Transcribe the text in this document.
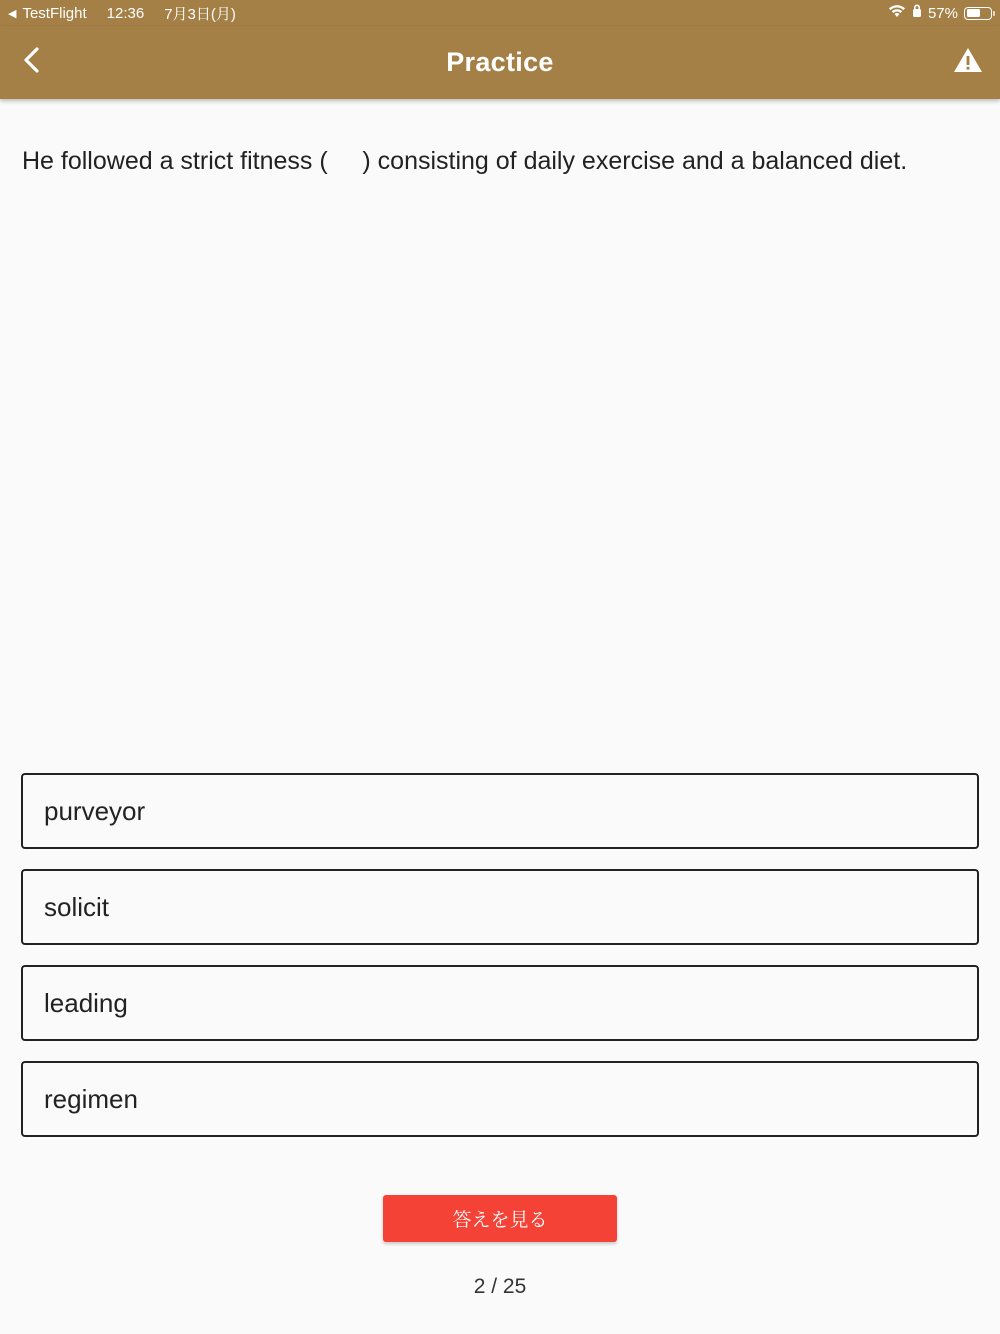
◀ TestFlight 12:36 7月3日(月)	57%
Practice
He followed a strict fitness (     ) consisting of daily exercise and a balanced diet.
purveyor
solicit
leading
regimen
答えを見る
2 / 25
